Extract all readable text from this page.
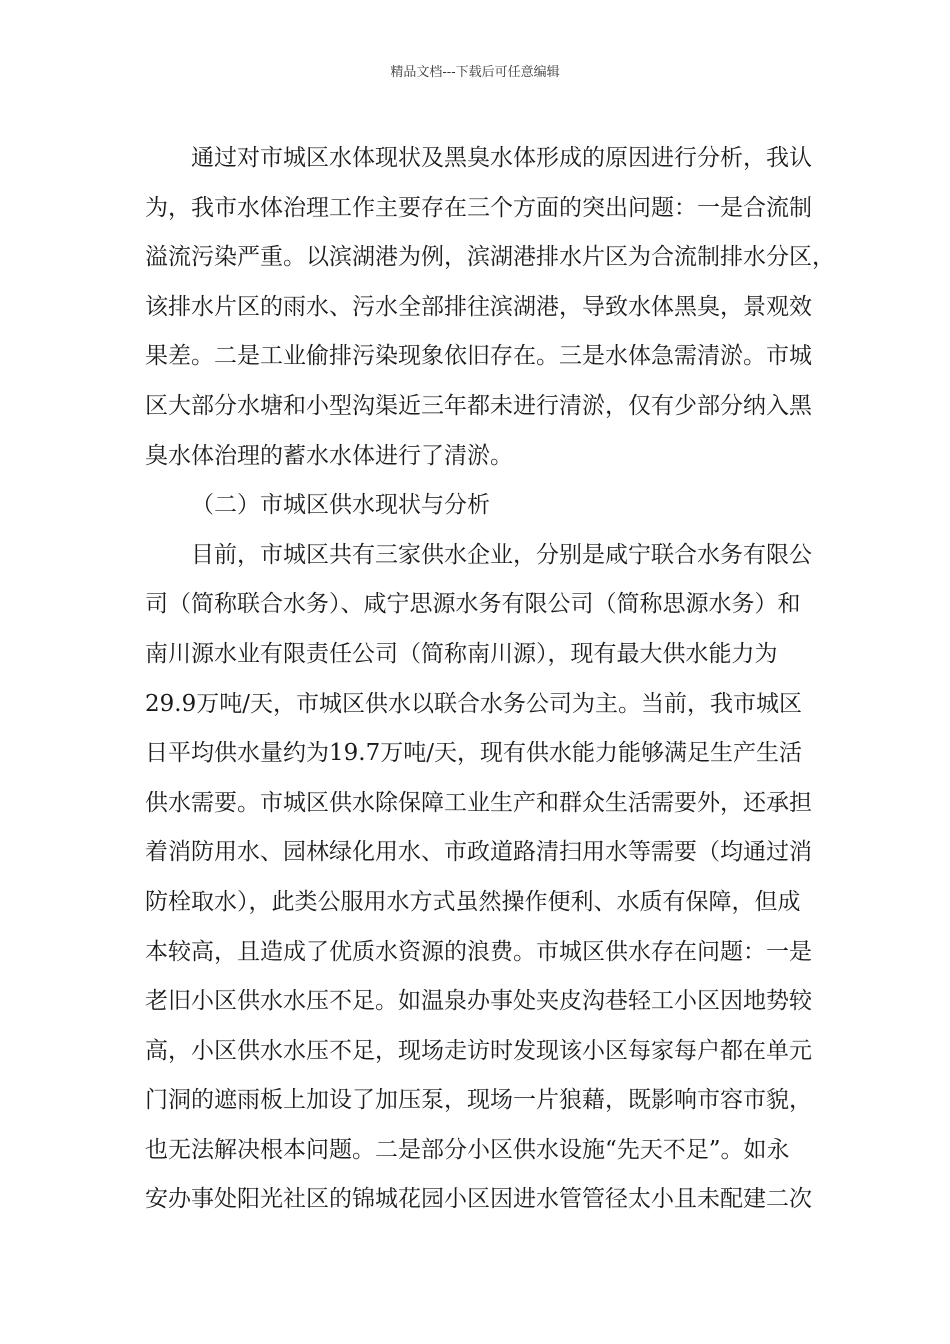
精品文档---下载后可任意编辑
通过对市城区水体现状及黑臭水体形成的原因进行分析，我认
为，我市水体治理工作主要存在三个方面的突出问题：一是合流制
溢流污染严重。以滨湖港为例，滨湖港排水片区为合流制排水分区，
该排水片区的雨水、污水全部排往滨湖港，导致水体黑臭，景观效
果差。二是工业偷排污染现象依旧存在。三是水体急需清淤。市城
区大部分水塘和小型沟渠近三年都未进行清淤，仅有少部分纳入黑
臭水体治理的蓄水水体进行了清淤。
（二）市城区供水现状与分析
目前，市城区共有三家供水企业，分别是咸宁联合水务有限公
司（简称联合水务）、咸宁思源水务有限公司（简称思源水务）和
南川源水业有限责任公司（简称南川源），现有最大供水能力为
29.9万吨/天，市城区供水以联合水务公司为主。当前，我市城区
日平均供水量约为19.7万吨/天，现有供水能力能够满足生产生活
供水需要。市城区供水除保障工业生产和群众生活需要外，还承担
着消防用水、园林绿化用水、市政道路清扫用水等需要（均通过消
防栓取水），此类公服用水方式虽然操作便利、水质有保障，但成
本较高，且造成了优质水资源的浪费。市城区供水存在问题：一是
老旧小区供水水压不足。如温泉办事处夹皮沟巷轻工小区因地势较
高，小区供水水压不足，现场走访时发现该小区每家每户都在单元
门洞的遮雨板上加设了加压泵，现场一片狼藉，既影响市容市貌，
也无法解决根本问题。二是部分小区供水设施“先天不足”。如永
安办事处阳光社区的锦城花园小区因进水管管径太小且未配建二次
